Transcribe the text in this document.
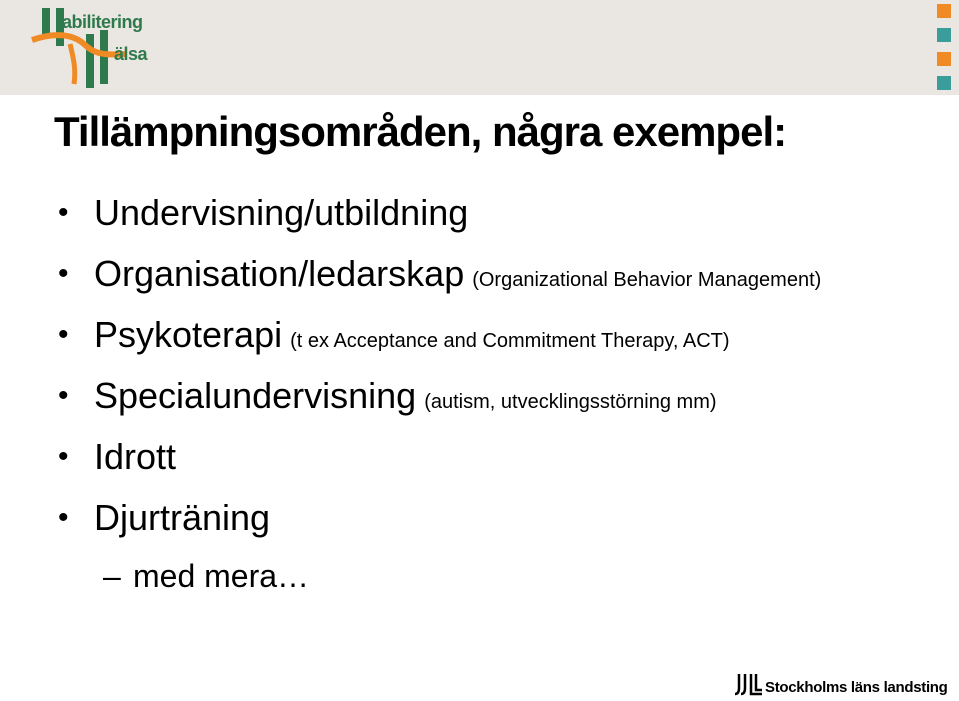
abilitering
älsa
Tillämpningsområden, några exempel:
• Undervisning/utbildning
• Organisation/ledarskap (Organizational Behavior Management)
• Psykoterapi (t ex Acceptance and Commitment Therapy, ACT)
• Specialundervisning (autism, utvecklingsstörning mm)
• Idrott
• Djurträning
– med mera…
Stockholms läns landsting
